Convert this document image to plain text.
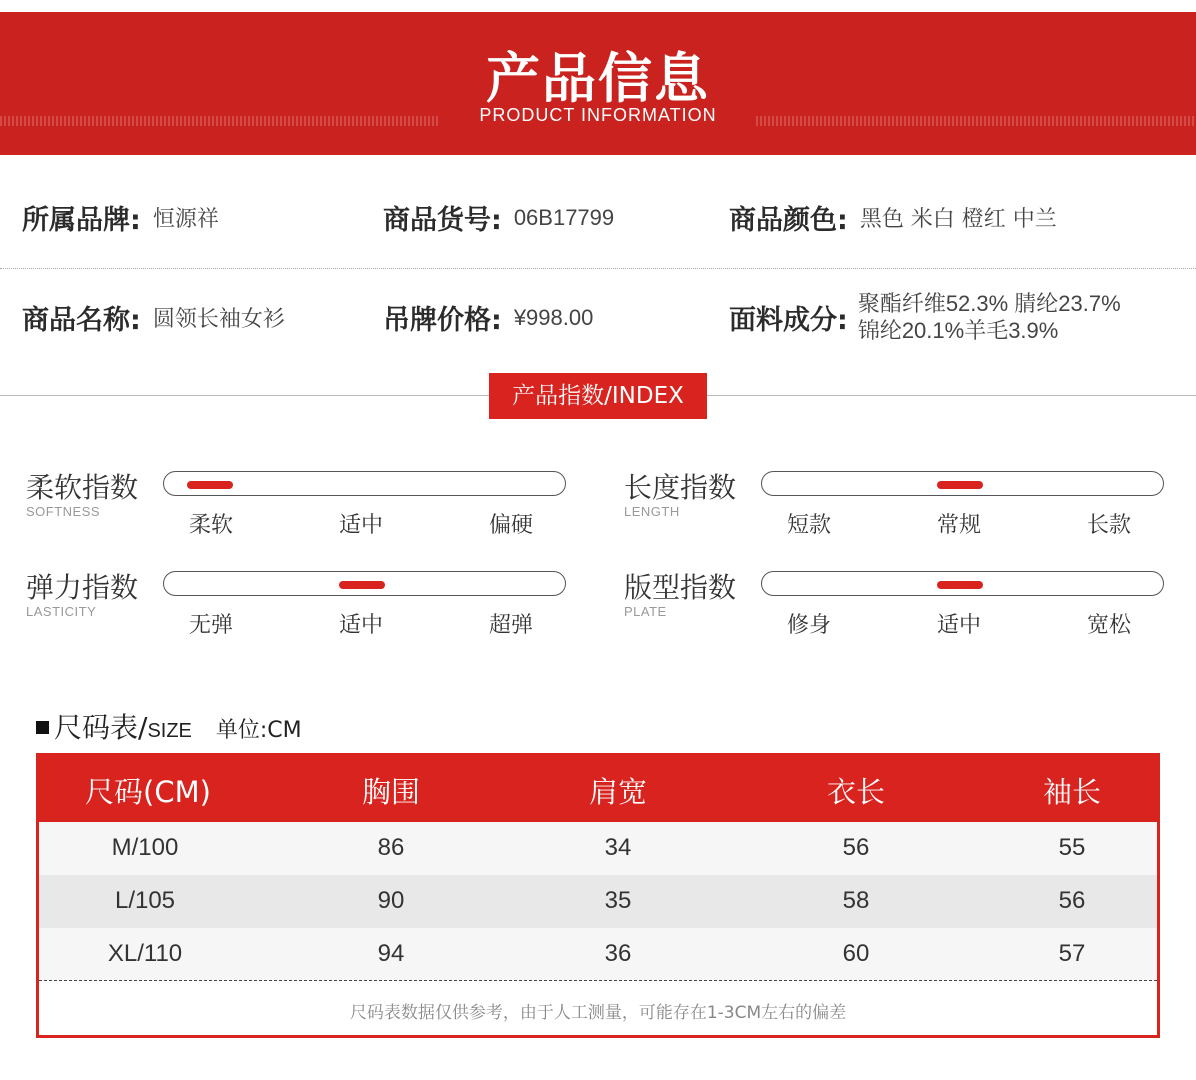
产品信息
PRODUCT INFORMATION
所属品牌: 恒源祥	商品货号: 06B17799	商品颜色: 黑色 米白 橙红 中兰
商品名称: 圆领长袖女衫	吊牌价格: ¥998.00	面料成分:
聚酯纤维52.3% 腈纶23.7%
锦纶20.1%羊毛3.9%
产品指数/INDEX
柔软指数
SOFTNESS
柔软	适中	偏硬
长度指数
LENGTH
短款	常规	长款
弹力指数
LASTICITY
无弹	适中	超弹
版型指数
PLATE
修身	适中	宽松
尺码表/ SIZE 单位:CM
尺码(CM)	胸围	肩宽	衣长	袖长
M/100	86	34	56	55
L/105	90	35	58	56
XL/110	94	36	60	57
尺码表数据仅供参考，由于人工测量，可能存在1-3CM左右的偏差
